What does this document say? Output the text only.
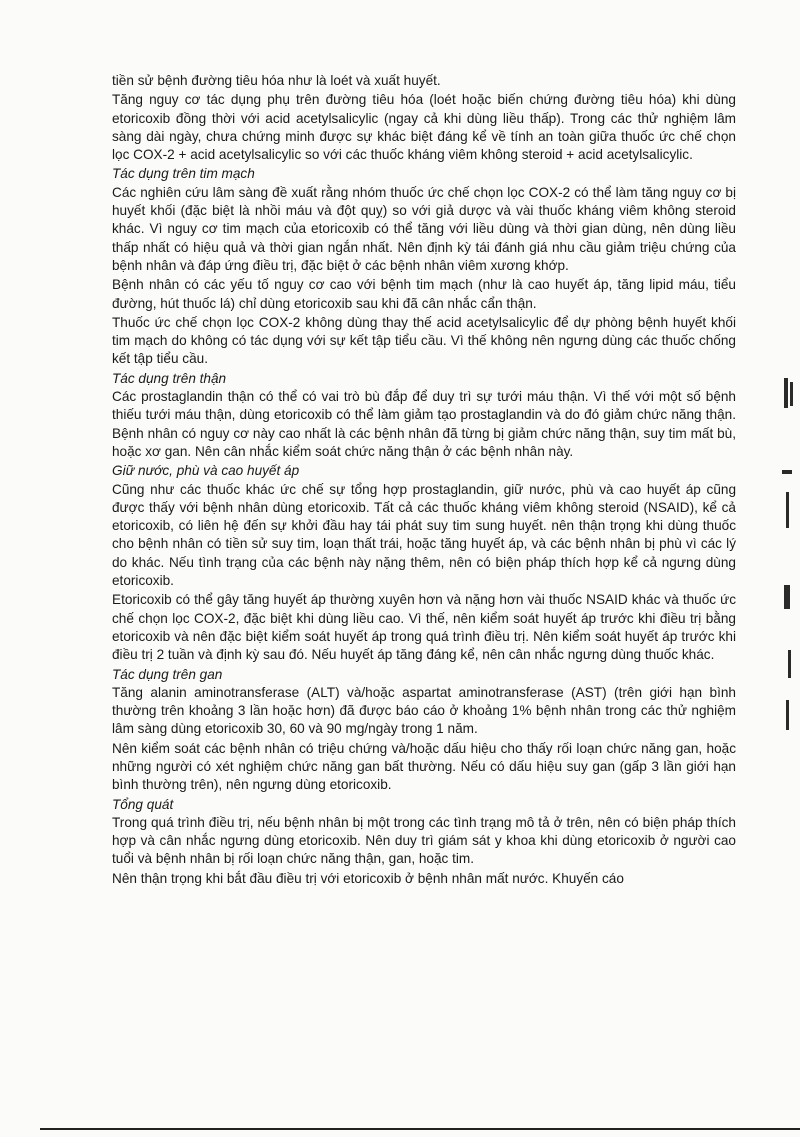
tiền sử bệnh đường tiêu hóa như là loét và xuất huyết.

Tăng nguy cơ tác dụng phụ trên đường tiêu hóa (loét hoặc biến chứng đường tiêu hóa) khi dùng etoricoxib đồng thời với acid acetylsalicylic (ngay cả khi dùng liều thấp). Trong các thử nghiệm lâm sàng dài ngày, chưa chứng minh được sự khác biệt đáng kể về tính an toàn giữa thuốc ức chế chọn lọc COX-2 + acid acetylsalicylic so với các thuốc kháng viêm không steroid + acid acetylsalicylic.

Tác dụng trên tim mạch

Các nghiên cứu lâm sàng đề xuất rằng nhóm thuốc ức chế chọn lọc COX-2 có thể làm tăng nguy cơ bị huyết khối (đặc biệt là nhồi máu và đột quỵ) so với giả dược và vài thuốc kháng viêm không steroid khác. Vì nguy cơ tim mạch của etoricoxib có thể tăng với liều dùng và thời gian dùng, nên dùng liều thấp nhất có hiệu quả và thời gian ngắn nhất. Nên định kỳ tái đánh giá nhu cầu giảm triệu chứng của bệnh nhân và đáp ứng điều trị, đặc biệt ở các bệnh nhân viêm xương khớp.

Bệnh nhân có các yếu tố nguy cơ cao với bệnh tim mạch (như là cao huyết áp, tăng lipid máu, tiểu đường, hút thuốc lá) chỉ dùng etoricoxib sau khi đã cân nhắc cẩn thận.

Thuốc ức chế chọn lọc COX-2 không dùng thay thế acid acetylsalicylic để dự phòng bệnh huyết khối tim mạch do không có tác dụng với sự kết tập tiểu cầu. Vì thế không nên ngưng dùng các thuốc chống kết tập tiểu cầu.

Tác dụng trên thận

Các prostaglandin thận có thể có vai trò bù đắp để duy trì sự tưới máu thận. Vì thế với một số bệnh thiếu tưới máu thận, dùng etoricoxib có thể làm giảm tạo prostaglandin và do đó giảm chức năng thận. Bệnh nhân có nguy cơ này cao nhất là các bệnh nhân đã từng bị giảm chức năng thận, suy tim mất bù, hoặc xơ gan. Nên cân nhắc kiểm soát chức năng thận ở các bệnh nhân này.

Giữ nước, phù và cao huyết áp

Cũng như các thuốc khác ức chế sự tổng hợp prostaglandin, giữ nước, phù và cao huyết áp cũng được thấy với bệnh nhân dùng etoricoxib. Tất cả các thuốc kháng viêm không steroid (NSAID), kể cả etoricoxib, có liên hệ đến sự khởi đầu hay tái phát suy tim sung huyết. nên thận trọng khi dùng thuốc cho bệnh nhân có tiền sử suy tim, loạn thất trái, hoặc tăng huyết áp, và các bệnh nhân bị phù vì các lý do khác. Nếu tình trạng của các bệnh này nặng thêm, nên có biện pháp thích hợp kể cả ngưng dùng etoricoxib.

Etoricoxib có thể gây tăng huyết áp thường xuyên hơn và nặng hơn vài thuốc NSAID khác và thuốc ức chế chọn lọc COX-2, đặc biệt khi dùng liều cao. Vì thế, nên kiểm soát huyết áp trước khi điều trị bằng etoricoxib và nên đặc biệt kiểm soát huyết áp trong quá trình điều trị. Nên kiểm soát huyết áp trước khi điều trị 2 tuần và định kỳ sau đó. Nếu huyết áp tăng đáng kể, nên cân nhắc ngưng dùng thuốc khác.

Tác dụng trên gan

Tăng alanin aminotransferase (ALT) và/hoặc aspartat aminotransferase (AST) (trên giới hạn bình thường trên khoảng 3 lần hoặc hơn) đã được báo cáo ở khoảng 1% bệnh nhân trong các thử nghiệm lâm sàng dùng etoricoxib 30, 60 và 90 mg/ngày trong 1 năm.

Nên kiểm soát các bệnh nhân có triệu chứng và/hoặc dấu hiệu cho thấy rối loạn chức năng gan, hoặc những người có xét nghiệm chức năng gan bất thường. Nếu có dấu hiệu suy gan (gấp 3 lần giới hạn bình thường trên), nên ngưng dùng etoricoxib.

Tổng quát

Trong quá trình điều trị, nếu bệnh nhân bị một trong các tình trạng mô tả ở trên, nên có biện pháp thích hợp và cân nhắc ngưng dùng etoricoxib. Nên duy trì giám sát y khoa khi dùng etoricoxib ở người cao tuổi và bệnh nhân bị rối loạn chức năng thận, gan, hoặc tim.

Nên thận trọng khi bắt đầu điều trị với etoricoxib ở bệnh nhân mất nước. Khuyến cáo
